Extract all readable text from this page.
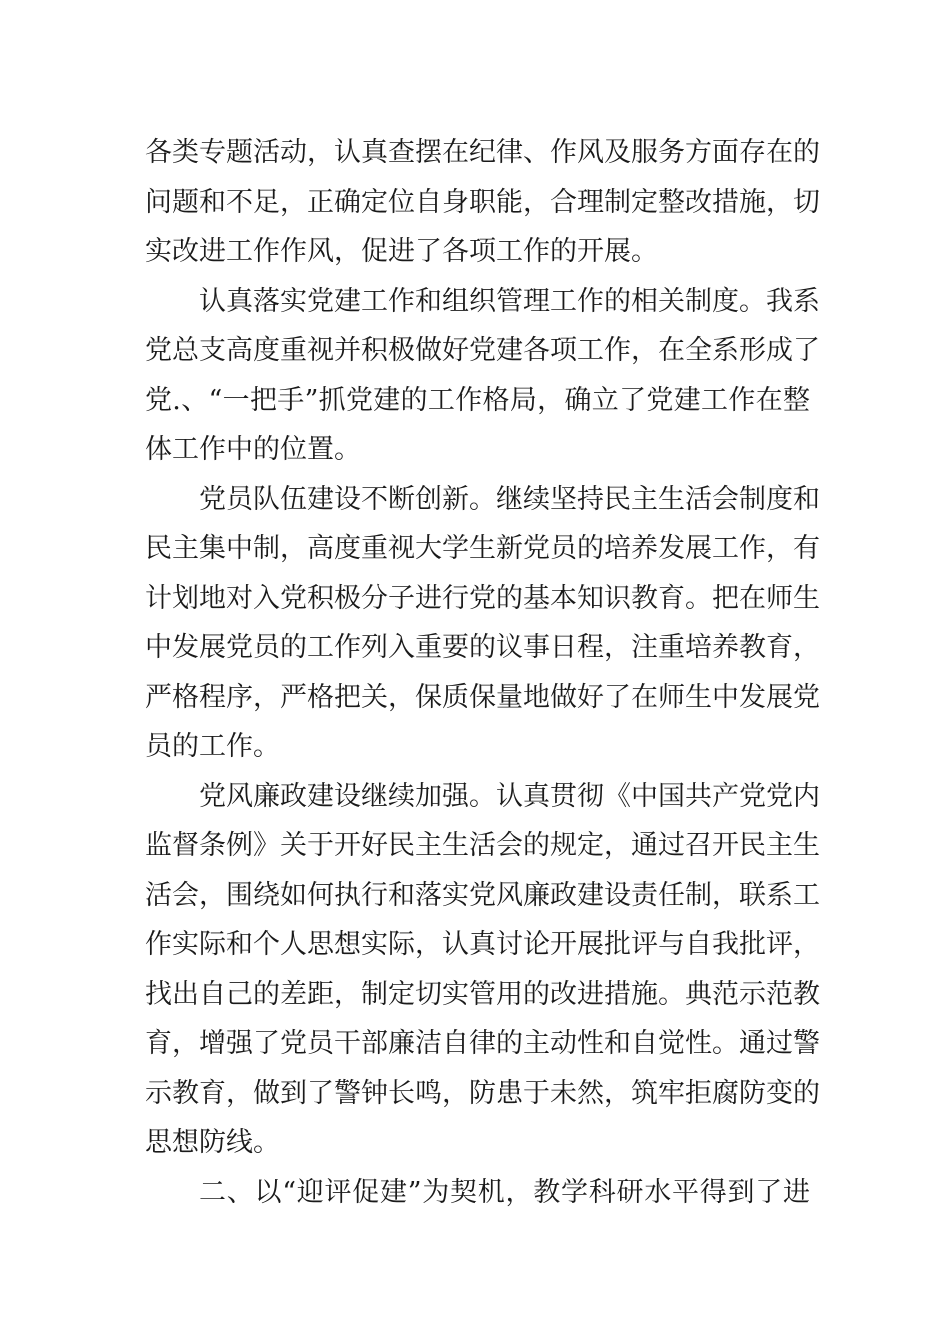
各类专题活动，认真查摆在纪律、作风及服务方面存在的
问题和不足，正确定位自身职能，合理制定整改措施，切
实改进工作作风，促进了各项工作的开展。
认真落实党建工作和组织管理工作的相关制度。我系
党总支高度重视并积极做好党建各项工作，在全系形成了
党.、“一把手”抓党建的工作格局，确立了党建工作在整
体工作中的位置。
党员队伍建设不断创新。继续坚持民主生活会制度和
民主集中制，高度重视大学生新党员的培养发展工作，有
计划地对入党积极分子进行党的基本知识教育。把在师生
中发展党员的工作列入重要的议事日程，注重培养教育，
严格程序，严格把关，保质保量地做好了在师生中发展党
员的工作。
党风廉政建设继续加强。认真贯彻《中国共产党党内
监督条例》关于开好民主生活会的规定，通过召开民主生
活会，围绕如何执行和落实党风廉政建设责任制，联系工
作实际和个人思想实际，认真讨论开展批评与自我批评，
找出自己的差距，制定切实管用的改进措施。典范示范教
育，增强了党员干部廉洁自律的主动性和自觉性。通过警
示教育，做到了警钟长鸣，防患于未然，筑牢拒腐防变的
思想防线。
二、以“迎评促建”为契机，教学科研水平得到了进
